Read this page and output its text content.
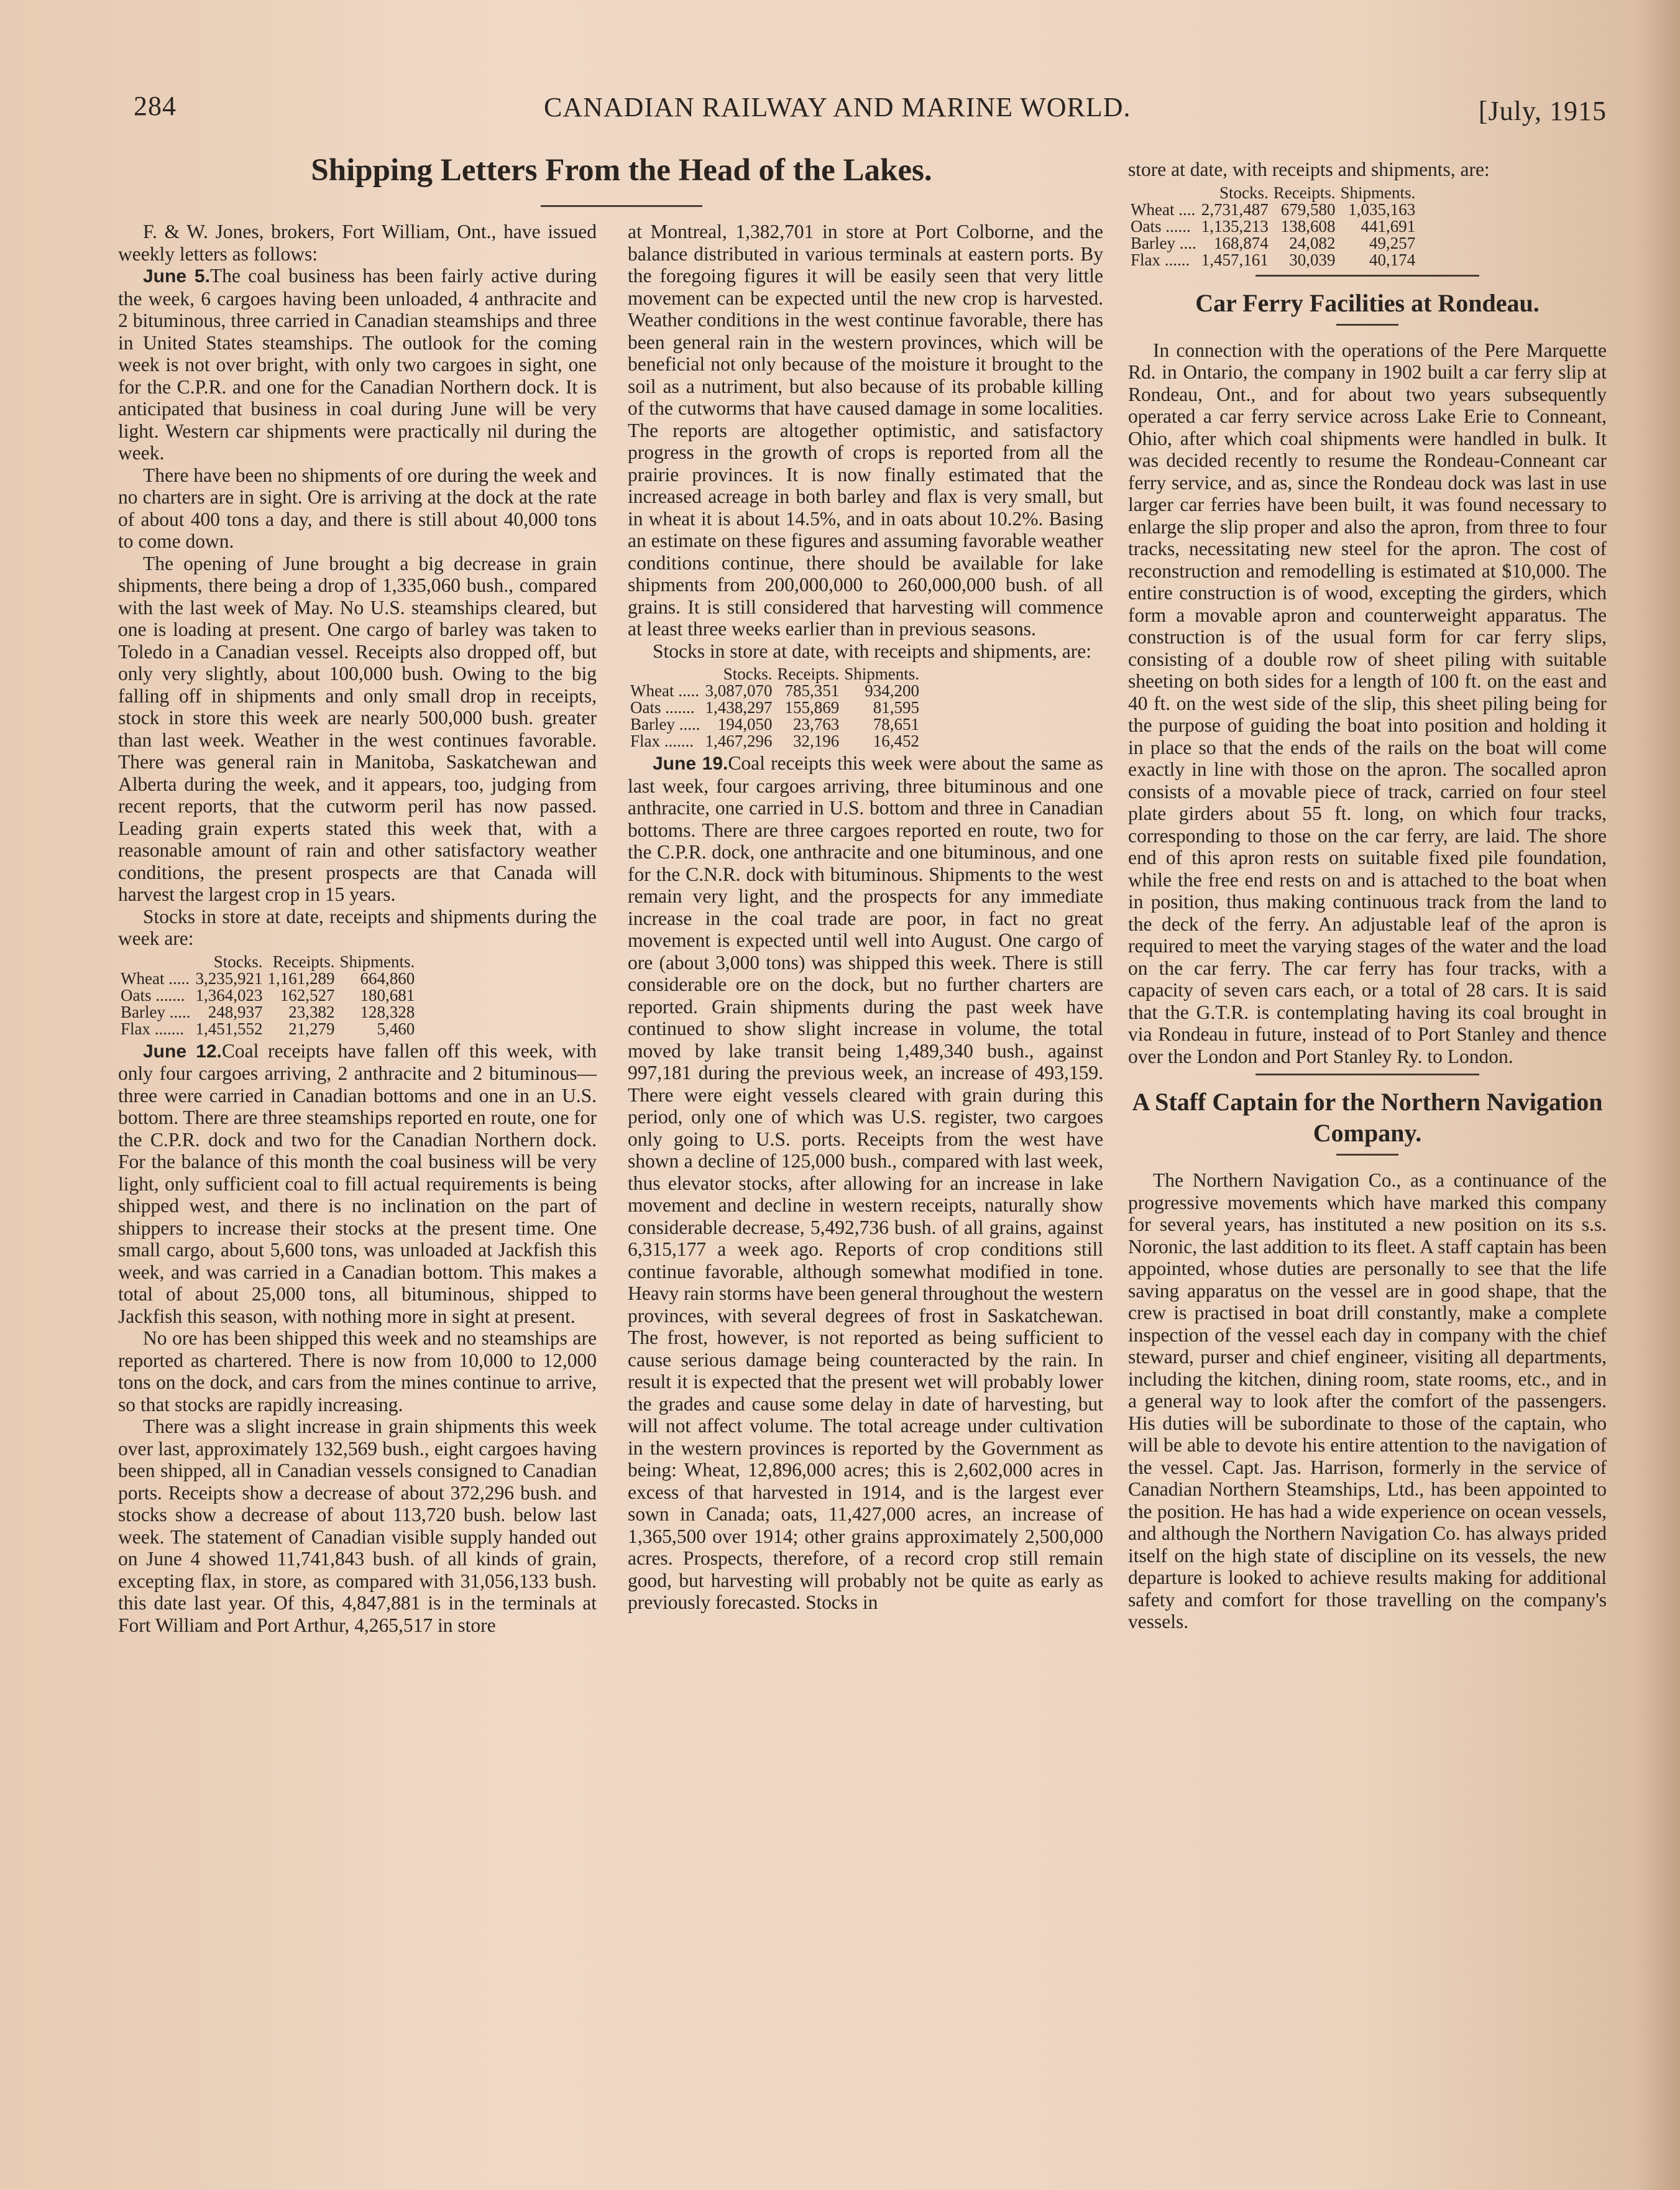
284	CANADIAN RAILWAY AND MARINE WORLD.	[July, 1915
Shipping Letters From the Head of the Lakes.

F. & W. Jones, brokers, Fort William, Ont., have issued weekly letters as follows:

June 5.The coal business has been fairly active during the week, 6 cargoes having been unloaded, 4 anthracite and 2 bituminous, three carried in Canadian steamships and three in United States steamships. The outlook for the coming week is not over bright, with only two cargoes in sight, one for the C.P.R. and one for the Canadian Northern dock. It is anticipated that business in coal during June will be very light. Western car shipments were practically nil during the week.

There have been no shipments of ore during the week and no charters are in sight. Ore is arriving at the dock at the rate of about 400 tons a day, and there is still about 40,000 tons to come down.

The opening of June brought a big decrease in grain shipments, there being a drop of 1,335,060 bush., compared with the last week of May. No U.S. steamships cleared, but one is loading at present. One cargo of barley was taken to Toledo in a Canadian vessel. Receipts also dropped off, but only very slightly, about 100,000 bush. Owing to the big falling off in shipments and only small drop in receipts, stock in store this week are nearly 500,000 bush. greater than last week. Weather in the west continues favorable. There was general rain in Manitoba, Saskatchewan and Alberta during the week, and it appears, too, judging from recent reports, that the cutworm peril has now passed. Leading grain experts stated this week that, with a reasonable amount of rain and other satisfactory weather conditions, the present prospects are that Canada will harvest the largest crop in 15 years.

Stocks in store at date, receipts and shipments during the week are:

	Stocks.	Receipts.	Shipments.
Wheat .....	3,235,921	1,161,289	664,860
Oats .......	1,364,023	162,527	180,681
Barley .....	248,937	23,382	128,328
Flax .......	1,451,552	21,279	5,460

June 12.Coal receipts have fallen off this week, with only four cargoes arriving, 2 anthracite and 2 bituminous—three were carried in Canadian bottoms and one in an U.S. bottom. There are three steamships reported en route, one for the C.P.R. dock and two for the Canadian Northern dock. For the balance of this month the coal business will be very light, only sufficient coal to fill actual requirements is being shipped west, and there is no inclination on the part of shippers to increase their stocks at the present time. One small cargo, about 5,600 tons, was unloaded at Jackfish this week, and was carried in a Canadian bottom. This makes a total of about 25,000 tons, all bituminous, shipped to Jackfish this season, with nothing more in sight at present.

No ore has been shipped this week and no steamships are reported as chartered. There is now from 10,000 to 12,000 tons on the dock, and cars from the mines continue to arrive, so that stocks are rapidly increasing.

There was a slight increase in grain shipments this week over last, approximately 132,569 bush., eight cargoes having been shipped, all in Canadian vessels consigned to Canadian ports. Receipts show a decrease of about 372,296 bush. and stocks show a decrease of about 113,720 bush. below last week. The statement of Canadian visible supply handed out on June 4 showed 11,741,843 bush. of all kinds of grain, excepting flax, in store, as compared with 31,056,133 bush. this date last year. Of this, 4,847,881 is in the terminals at Fort William and Port Arthur, 4,265,517 in store

at Montreal, 1,382,701 in store at Port Colborne, and the balance distributed in various terminals at eastern ports. By the foregoing figures it will be easily seen that very little movement can be expected until the new crop is harvested. Weather conditions in the west continue favorable, there has been general rain in the western provinces, which will be beneficial not only because of the moisture it brought to the soil as a nutriment, but also because of its probable killing of the cutworms that have caused damage in some localities. The reports are altogether optimistic, and satisfactory progress in the growth of crops is reported from all the prairie provinces. It is now finally estimated that the increased acreage in both barley and flax is very small, but in wheat it is about 14.5%, and in oats about 10.2%. Basing an estimate on these figures and assuming favorable weather conditions continue, there should be available for lake shipments from 200,000,000 to 260,000,000 bush. of all grains. It is still considered that harvesting will commence at least three weeks earlier than in previous seasons.

Stocks in store at date, with receipts and shipments, are:

	Stocks.	Receipts.	Shipments.
Wheat .....	3,087,070	785,351	934,200
Oats .......	1,438,297	155,869	81,595
Barley .....	194,050	23,763	78,651
Flax .......	1,467,296	32,196	16,452

June 19.Coal receipts this week were about the same as last week, four cargoes arriving, three bituminous and one anthracite, one carried in U.S. bottom and three in Canadian bottoms. There are three cargoes reported en route, two for the C.P.R. dock, one anthracite and one bituminous, and one for the C.N.R. dock with bituminous. Shipments to the west remain very light, and the prospects for any immediate increase in the coal trade are poor, in fact no great movement is expected until well into August. One cargo of ore (about 3,000 tons) was shipped this week. There is still considerable ore on the dock, but no further charters are reported. Grain shipments during the past week have continued to show slight increase in volume, the total moved by lake transit being 1,489,340 bush., against 997,181 during the previous week, an increase of 493,159. There were eight vessels cleared with grain during this period, only one of which was U.S. register, two cargoes only going to U.S. ports. Receipts from the west have shown a decline of 125,000 bush., compared with last week, thus elevator stocks, after allowing for an increase in lake movement and decline in western receipts, naturally show considerable decrease, 5,492,736 bush. of all grains, against 6,315,177 a week ago. Reports of crop conditions still continue favorable, although somewhat modified in tone. Heavy rain storms have been general throughout the western provinces, with several degrees of frost in Saskatchewan. The frost, however, is not reported as being sufficient to cause serious damage being counteracted by the rain. In result it is expected that the present wet will probably lower the grades and cause some delay in date of harvesting, but will not affect volume. The total acreage under cultivation in the western provinces is reported by the Government as being: Wheat, 12,896,000 acres; this is 2,602,000 acres in excess of that harvested in 1914, and is the largest ever sown in Canada; oats, 11,427,000 acres, an increase of 1,365,500 over 1914; other grains approximately 2,500,000 acres. Prospects, therefore, of a record crop still remain good, but harvesting will probably not be quite as early as previously forecasted. Stocks in

store at date, with receipts and shipments, are:

	Stocks.	Receipts.	Shipments.
Wheat ....	2,731,487	679,580	1,035,163
Oats ......	1,135,213	138,608	441,691
Barley ....	168,874	24,082	49,257
Flax ......	1,457,161	30,039	40,174
Car Ferry Facilities at Rondeau.

In connection with the operations of the Pere Marquette Rd. in Ontario, the company in 1902 built a car ferry slip at Rondeau, Ont., and for about two years subsequently operated a car ferry service across Lake Erie to Conneant, Ohio, after which coal shipments were handled in bulk. It was decided recently to resume the Rondeau-Conneant car ferry service, and as, since the Rondeau dock was last in use larger car ferries have been built, it was found necessary to enlarge the slip proper and also the apron, from three to four tracks, necessitating new steel for the apron. The cost of reconstruction and remodelling is estimated at $10,000. The entire construction is of wood, excepting the girders, which form a movable apron and counterweight apparatus. The construction is of the usual form for car ferry slips, consisting of a double row of sheet piling with suitable sheeting on both sides for a length of 100 ft. on the east and 40 ft. on the west side of the slip, this sheet piling being for the purpose of guiding the boat into position and holding it in place so that the ends of the rails on the boat will come exactly in line with those on the apron. The socalled apron consists of a movable piece of track, carried on four steel plate girders about 55 ft. long, on which four tracks, corresponding to those on the car ferry, are laid. The shore end of this apron rests on suitable fixed pile foundation, while the free end rests on and is attached to the boat when in position, thus making continuous track from the land to the deck of the ferry. An adjustable leaf of the apron is required to meet the varying stages of the water and the load on the car ferry. The car ferry has four tracks, with a capacity of seven cars each, or a total of 28 cars. It is said that the G.T.R. is contemplating having its coal brought in via Rondeau in future, instead of to Port Stanley and thence over the London and Port Stanley Ry. to London.

A Staff Captain for the Northern Navigation Company.

The Northern Navigation Co., as a continuance of the progressive movements which have marked this company for several years, has instituted a new position on its s.s. Noronic, the last addition to its fleet. A staff captain has been appointed, whose duties are personally to see that the life saving apparatus on the vessel are in good shape, that the crew is practised in boat drill constantly, make a complete inspection of the vessel each day in company with the chief steward, purser and chief engineer, visiting all departments, including the kitchen, dining room, state rooms, etc., and in a general way to look after the comfort of the passengers. His duties will be subordinate to those of the captain, who will be able to devote his entire attention to the navigation of the vessel. Capt. Jas. Harrison, formerly in the service of Canadian Northern Steamships, Ltd., has been appointed to the position. He has had a wide experience on ocean vessels, and although the Northern Navigation Co. has always prided itself on the high state of discipline on its vessels, the new departure is looked to achieve results making for additional safety and comfort for those travelling on the company's vessels.
